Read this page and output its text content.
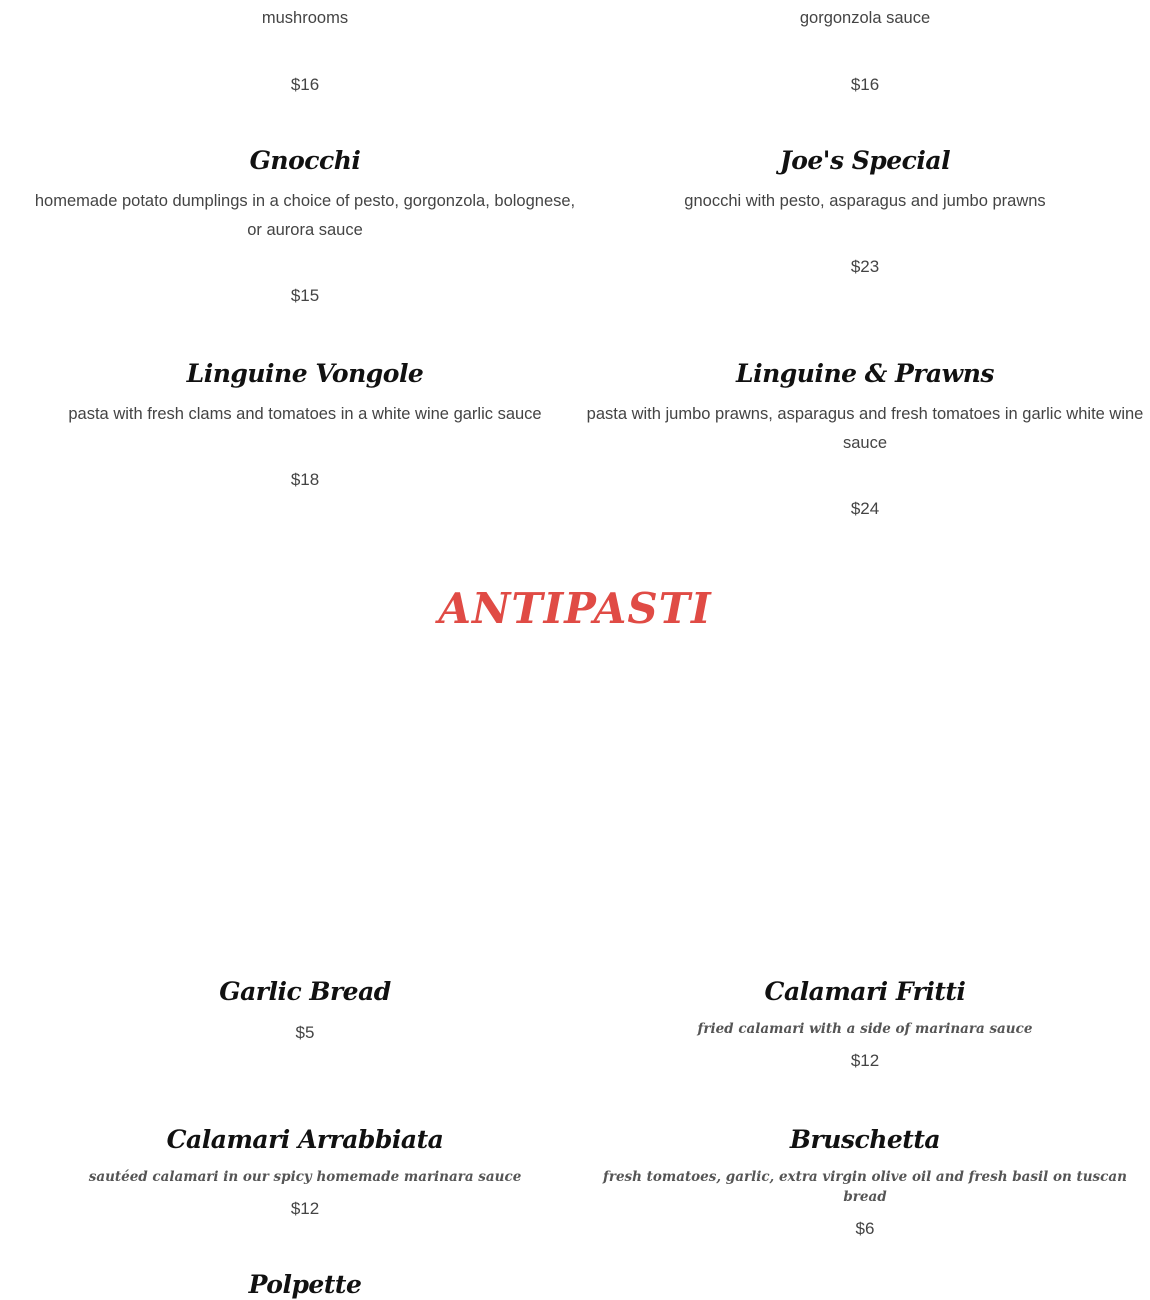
mushrooms

$16

gorgonzola sauce

$16
Gnocchi

homemade potato dumplings in a choice of pesto, gorgonzola, bolognese, or aurora sauce

$15
Joe's Special

gnocchi with pesto, asparagus and jumbo prawns

$23
Linguine Vongole

pasta with fresh clams and tomatoes in a white wine garlic sauce

$18
Linguine & Prawns

pasta with jumbo prawns, asparagus and fresh tomatoes in garlic white wine sauce

$24
ANTIPASTI
Garlic Bread
$5
Calamari Fritti

fried calamari with a side of marinara sauce

$12
Calamari Arrabbiata

sautéed calamari in our spicy homemade marinara sauce

$12
Bruschetta

fresh tomatoes, garlic, extra virgin olive oil and fresh basil on tuscan bread

$6
Polpette
